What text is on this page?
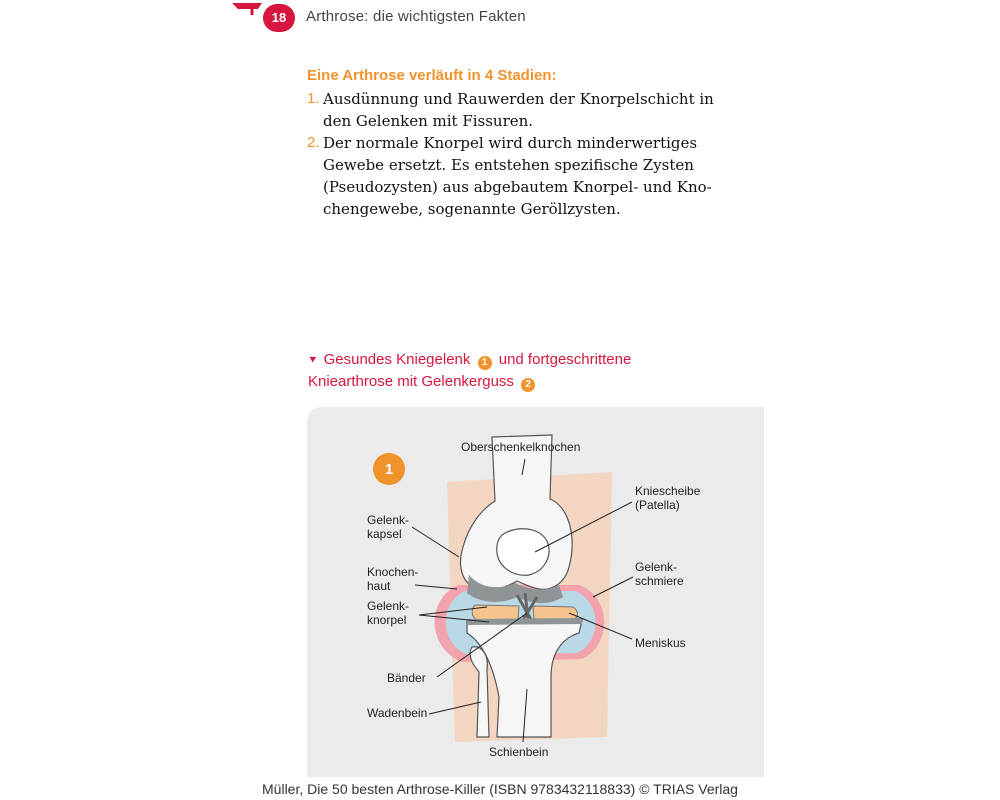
18	Arthrose: die wichtigsten Fakten
Eine Arthrose verläuft in 4 Stadien:
1. Ausdünnung und Rauwerden der Knorpelschicht in
den Gelenken mit Fissuren.
2. Der normale Knorpel wird durch minderwertiges
Gewebe ersetzt. Es entstehen spezifische Zysten
(Pseudozysten) aus abgebautem Knorpel- und Kno-
chengewebe, sogenannte Geröllzysten.
⯆ Gesundes Kniegelenk 1 und fortgeschrittene
Kniearthrose mit Gelenkerguss 2
1
Oberschenkelknochen
Kniescheibe
(Patella)
Gelenk-
kapsel
Knochen-
haut
Gelenk-
schmiere
Gelenk-
knorpel
Meniskus
Bänder
Wadenbein
Schienbein
Müller, Die 50 besten Arthrose-Killer (ISBN 9783432118833) © TRIAS Verlag
